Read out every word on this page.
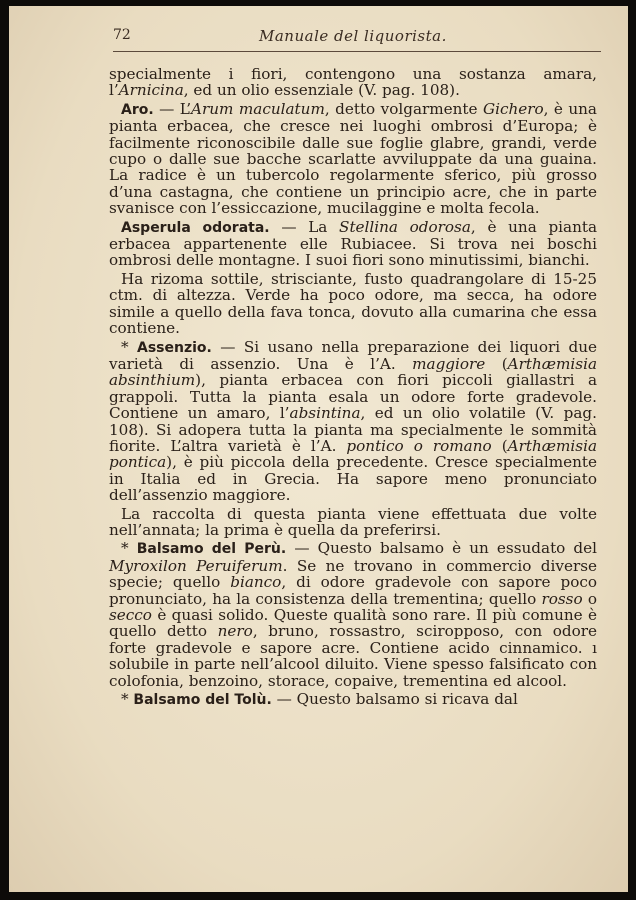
72	Manuale del liquorista.

specialmente i fiori, contengono una sostanza amara, l’Arnicina, ed un olio essenziale (V. pag. 108).

Aro. — L’Arum maculatum, detto volgarmente Gichero, è una pianta erbacea, che cresce nei luoghi ombrosi d’Europa; è facilmente riconoscibile dalle sue foglie glabre, grandi, verde cupo o dalle sue bacche scarlatte avviluppate da una guaina. La radice è un tubercolo regolarmente sferico, più grosso d’una castagna, che contiene un principio acre, che in parte svanisce con l’essiccazione, mucilaggine e molta fecola.

Asperula odorata. — La Stellina odorosa, è una pianta erbacea appartenente elle Rubiacee. Si trova nei boschi ombrosi delle montagne. I suoi fiori sono minutissimi, bianchi.

Ha rizoma sottile, strisciante, fusto quadrangolare di 15-25 ctm. di altezza. Verde ha poco odore, ma secca, ha odore simile a quello della fava tonca, dovuto alla cumarina che essa contiene.

* Assenzio. — Si usano nella preparazione dei liquori due varietà di assenzio. Una è l’A. maggiore (Arthæmisia absinthium), pianta erbacea con fiori piccoli giallastri a grappoli. Tutta la pianta esala un odore forte gradevole. Contiene un amaro, l’absintina, ed un olio volatile (V. pag. 108). Si adopera tutta la pianta ma specialmente le sommità fiorite. L’altra varietà è l’A. pontico o romano (Arthæmisia pontica), è più piccola della precedente. Cresce specialmente in Italia ed in Grecia. Ha sapore meno pronunciato dell’assenzio maggiore.

La raccolta di questa pianta viene effettuata due volte nell’annata; la prima è quella da preferirsi.

* Balsamo del Perù. — Questo balsamo è un essudato del Myroxilon Peruiferum. Se ne trovano in commercio diverse specie; quello bianco, di odore gradevole con sapore poco pronunciato, ha la consistenza della trementina; quello rosso o secco è quasi solido. Queste qualità sono rare. Il più comune è quello detto nero, bruno, rossastro, sciropposo, con odore forte gradevole e sapore acre. Contiene acido cinnamico. ı solubile in parte nell’alcool diluito. Viene spesso falsificato con colofonia, benzoino, storace, copaive, trementina ed alcool.

* Balsamo del Tolù. — Questo balsamo si ricava dal
